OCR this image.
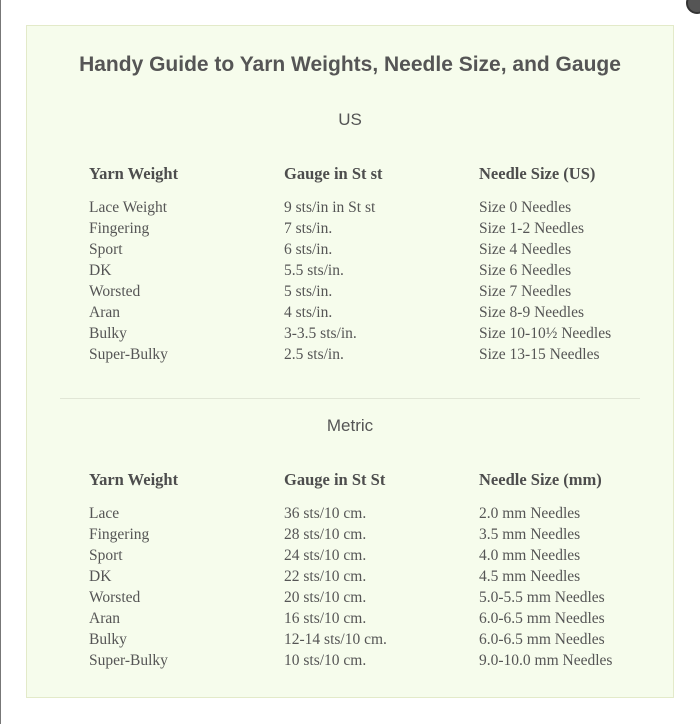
Handy Guide to Yarn Weights, Needle Size, and Gauge
US
Yarn Weight	Gauge in St st	Needle Size (US)
Lace Weight	9 sts/in in St st	Size 0 Needles
Fingering	7 sts/in.	Size 1-2 Needles
Sport	6 sts/in.	Size 4 Needles
DK	5.5 sts/in.	Size 6 Needles
Worsted	5 sts/in.	Size 7 Needles
Aran	4 sts/in.	Size 8-9 Needles
Bulky	3-3.5 sts/in.	Size 10-10½ Needles
Super-Bulky	2.5 sts/in.	Size 13-15 Needles
Metric
Yarn Weight	Gauge in St St	Needle Size (mm)
Lace	36 sts/10 cm.	2.0 mm Needles
Fingering	28 sts/10 cm.	3.5 mm Needles
Sport	24 sts/10 cm.	4.0 mm Needles
DK	22 sts/10 cm.	4.5 mm Needles
Worsted	20 sts/10 cm.	5.0-5.5 mm Needles
Aran	16 sts/10 cm.	6.0-6.5 mm Needles
Bulky	12-14 sts/10 cm.	6.0-6.5 mm Needles
Super-Bulky	10 sts/10 cm.	9.0-10.0 mm Needles
